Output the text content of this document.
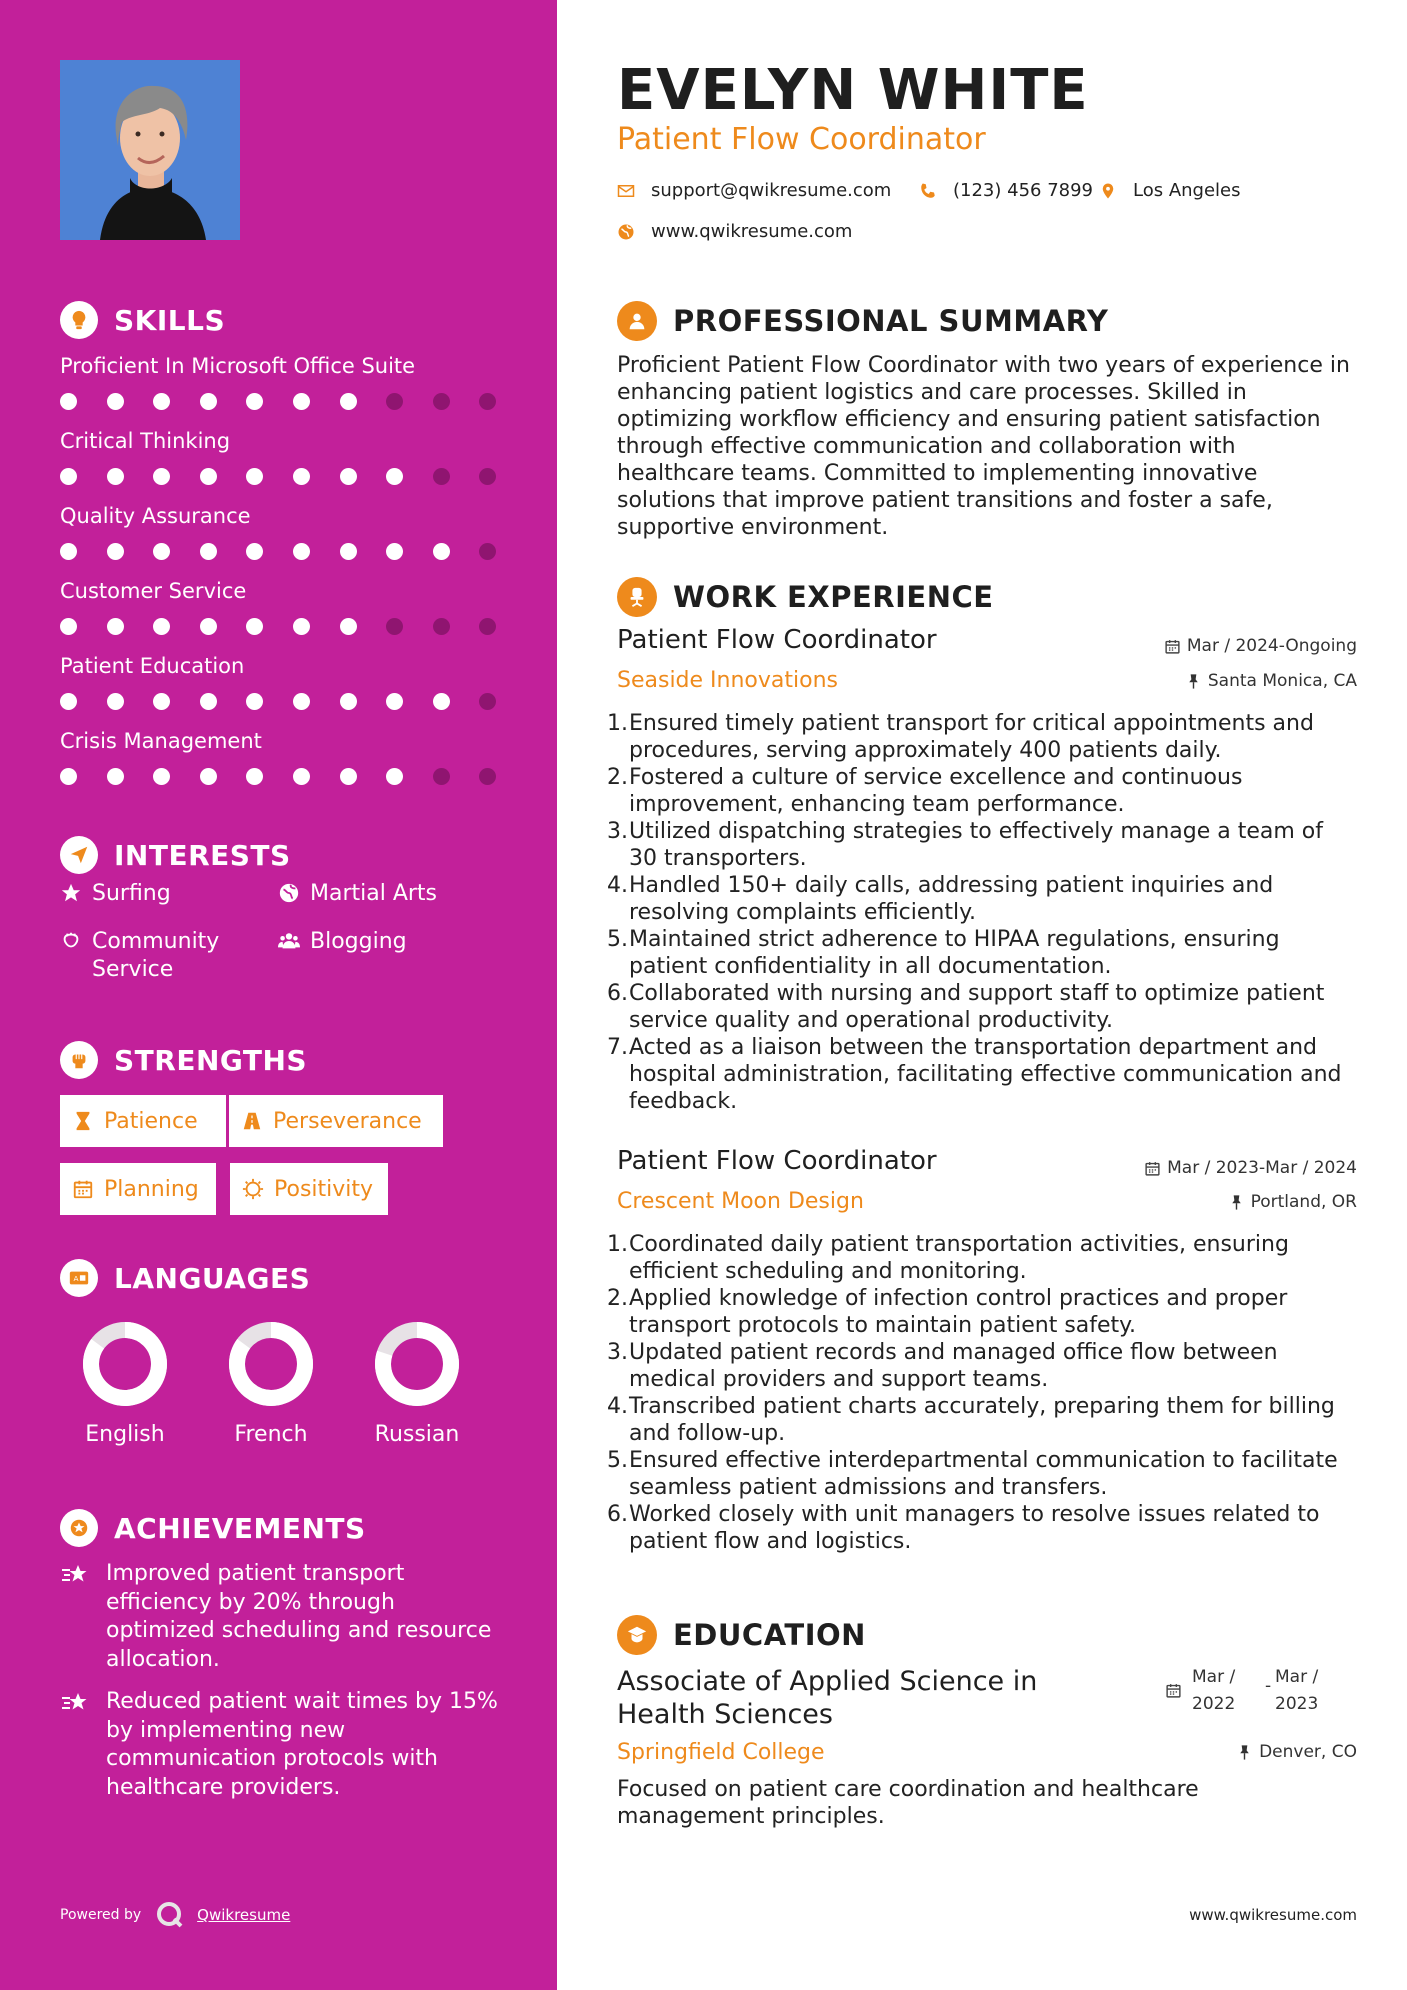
SKILLS
Proficient In Microsoft Office Suite
Critical Thinking
Quality Assurance
Customer Service
Patient Education
Crisis Management
INTERESTS
Surfing	Martial Arts
Community Service
Blogging
STRENGTHS
Patience	Perseverance
Planning	Positivity
A LANGUAGES
English	French	Russian
ACHIEVEMENTS
Improved patient transport efficiency by 20% through optimized scheduling and resource allocation.
Reduced patient wait times by 15% by implementing new communication protocols with healthcare providers.
Powered by	Qwikresume
EVELYN WHITE
Patient Flow Coordinator
support@qwikresume.com	(123) 456 7899 Los Angeles
www.qwikresume.com
PROFESSIONAL SUMMARY
Proficient Patient Flow Coordinator with two years of experience in enhancing patient logistics and care processes. Skilled in optimizing workflow efficiency and ensuring patient satisfaction through effective communication and collaboration with healthcare teams. Committed to implementing innovative solutions that improve patient transitions and foster a safe, supportive environment.
WORK EXPERIENCE
Patient Flow Coordinator	Mar / 2024-Ongoing
Seaside Innovations	Santa Monica, CA
1. Ensured timely patient transport for critical appointments and procedures, serving approximately 400 patients daily.
2. Fostered a culture of service excellence and continuous improvement, enhancing team performance.
3. Utilized dispatching strategies to effectively manage a team of 30 transporters.
4. Handled 150+ daily calls, addressing patient inquiries and resolving complaints efficiently.
5. Maintained strict adherence to HIPAA regulations, ensuring patient confidentiality in all documentation.
6. Collaborated with nursing and support staff to optimize patient service quality and operational productivity.
7. Acted as a liaison between the transportation department and hospital administration, facilitating effective communication and feedback.
Patient Flow Coordinator	Mar / 2023-Mar / 2024
Crescent Moon Design	Portland, OR
1. Coordinated daily patient transportation activities, ensuring efficient scheduling and monitoring.
2. Applied knowledge of infection control practices and proper transport protocols to maintain patient safety.
3. Updated patient records and managed office flow between medical providers and support teams.
4. Transcribed patient charts accurately, preparing them for billing and follow-up.
5. Ensured effective interdepartmental communication to facilitate seamless patient admissions and transfers.
6. Worked closely with unit managers to resolve issues related to patient flow and logistics.
EDUCATION
Associate of Applied Science in Health Sciences
Mar /
2022
- Mar /
2023
Springfield College	Denver, CO
Focused on patient care coordination and healthcare management principles.
www.qwikresume.com
